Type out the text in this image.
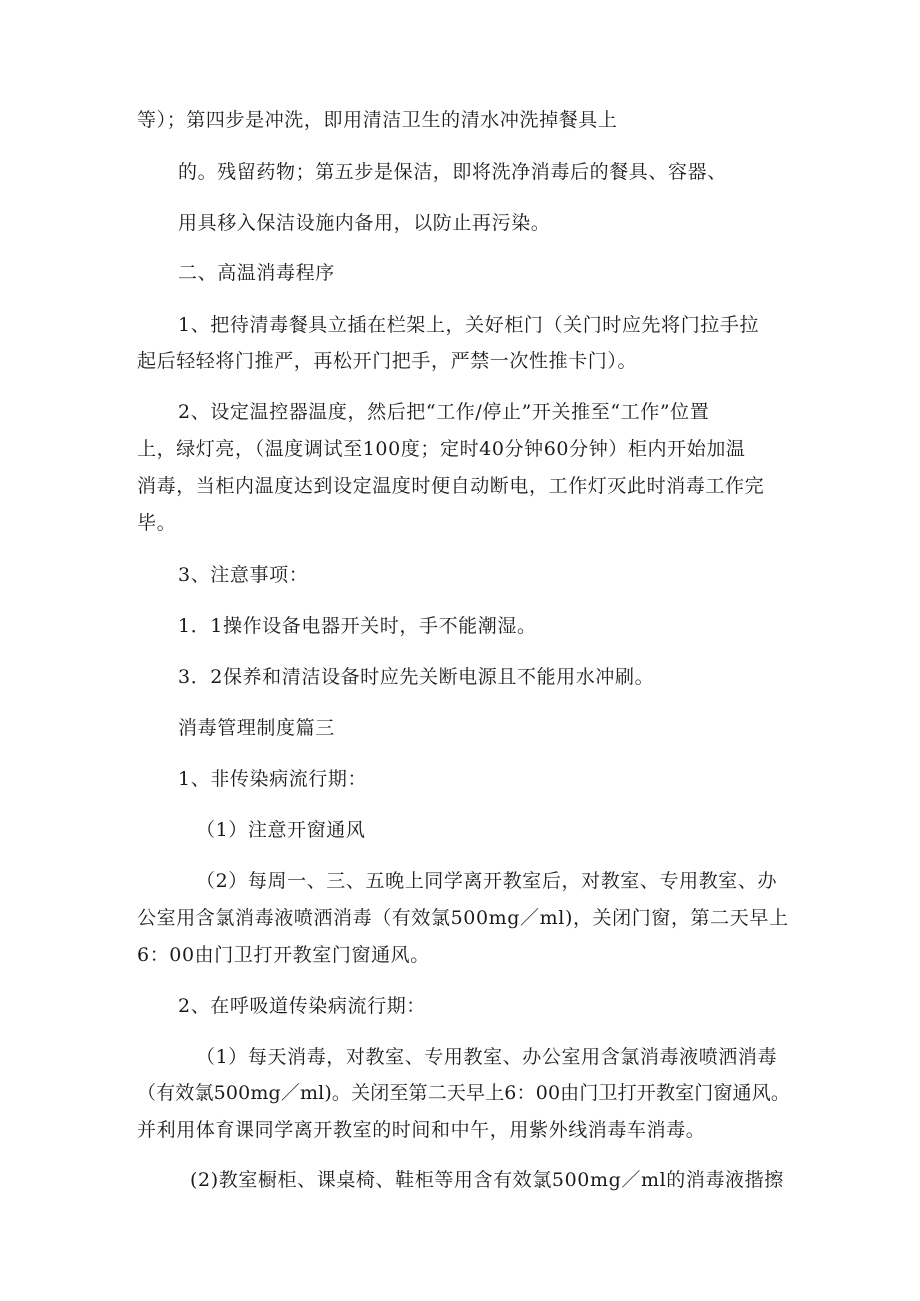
等）；第四步是冲洗，即用清洁卫生的清水冲洗掉餐具上
的。残留药物；第五步是保洁，即将洗净消毒后的餐具、容器、
用具移入保洁设施内备用，以防止再污染。
二、高温消毒程序
1、把待清毒餐具立插在栏架上，关好柜门（关门时应先将门拉手拉
起后轻轻将门推严，再松开门把手，严禁一次性推卡门）。
2、设定温控器温度，然后把“工作/停止”开关推至“工作”位置
上，绿灯亮，（温度调试至100度；定时40分钟60分钟）柜内开始加温
消毒，当柜内温度达到设定温度时便自动断电，工作灯灭此时消毒工作完
毕。
3、注意事项：
1．1操作设备电器开关时，手不能潮湿。
3．2保养和清洁设备时应先关断电源且不能用水冲刷。
消毒管理制度篇三
1、非传染病流行期：
（1）注意开窗通风
（2）每周一、三、五晚上同学离开教室后，对教室、专用教室、办
公室用含氯消毒液喷洒消毒（有效氯500mg／ml)，关闭门窗，第二天早上
6：00由门卫打开教室门窗通风。
2、在呼吸道传染病流行期：
（1）每天消毒，对教室、专用教室、办公室用含氯消毒液喷洒消毒
（有效氯500mg／ml)。关闭至第二天早上6：00由门卫打开教室门窗通风。
并利用体育课同学离开教室的时间和中午，用紫外线消毒车消毒。
(2)教室橱柜、课桌椅、鞋柜等用含有效氯500mg／ml的消毒液揩擦
